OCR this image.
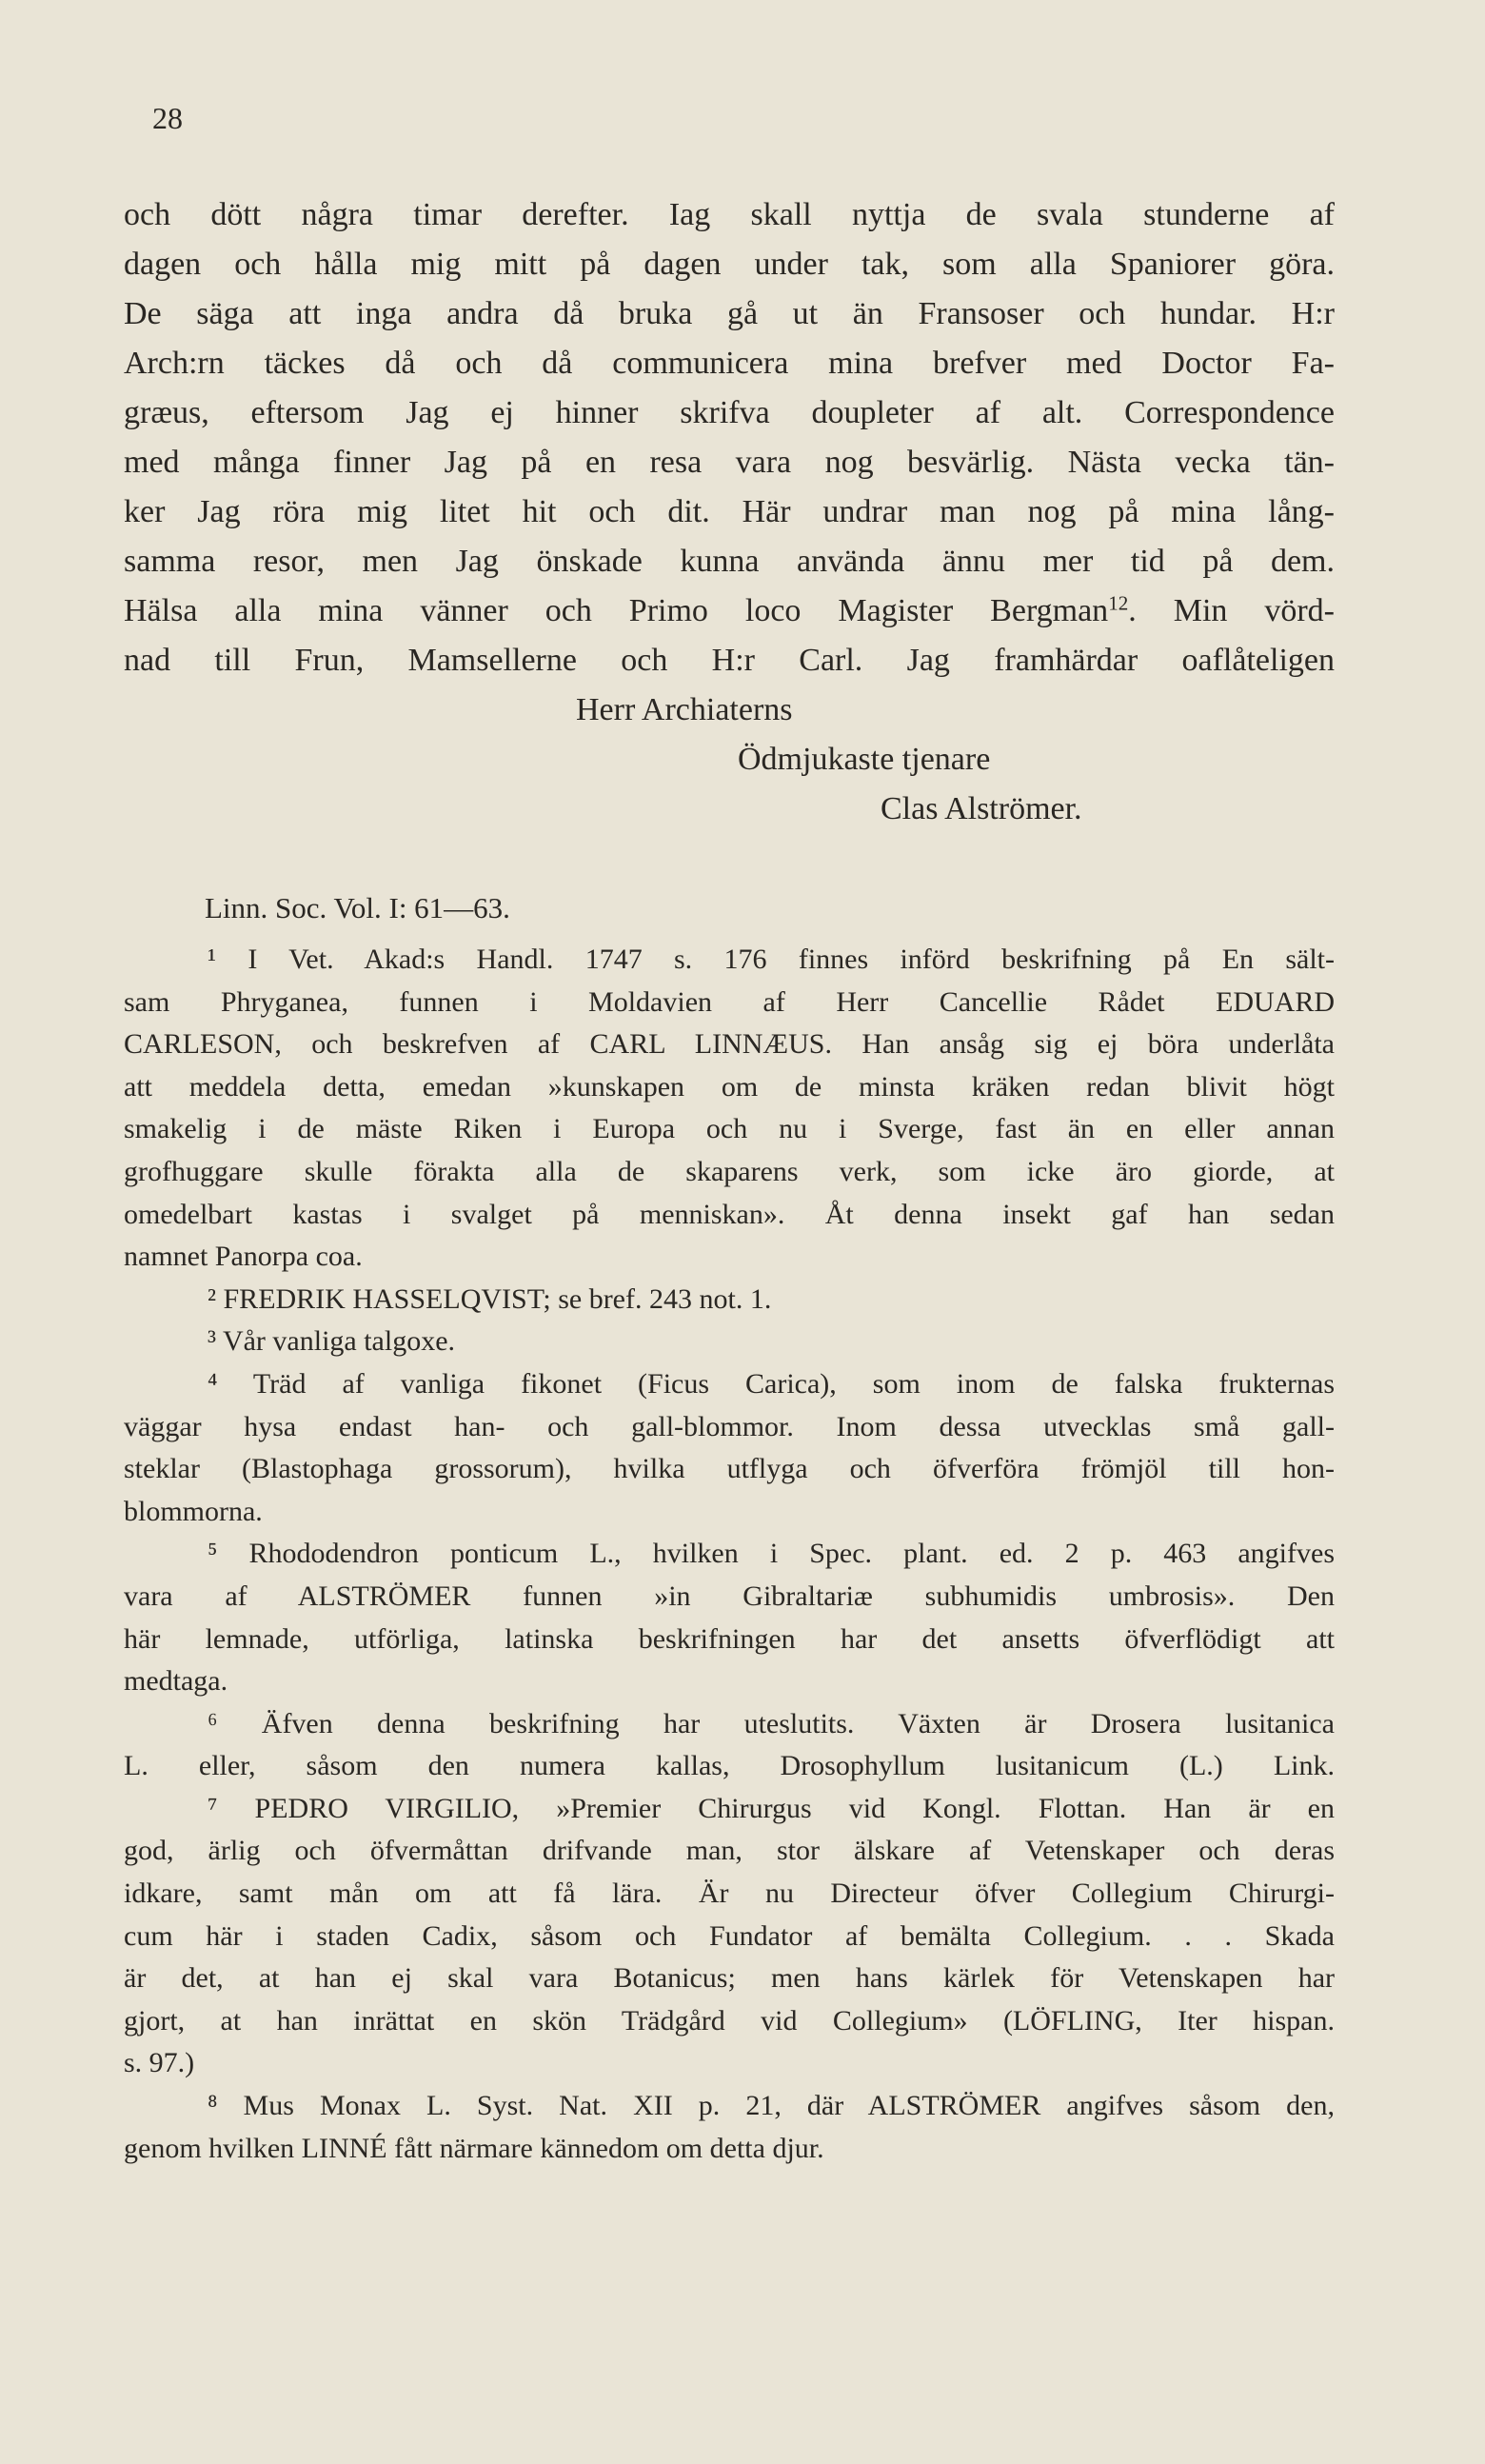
28
och dött några timar derefter. Iag skall nyttja de svala stunderne af
dagen och hålla mig mitt på dagen under tak, som alla Spaniorer göra.
De säga att inga andra då bruka gå ut än Fransoser och hundar. H:r
Arch:rn täckes då och då communicera mina brefver med Doctor Fa-
græus, eftersom Jag ej hinner skrifva doupleter af alt. Correspondence
med många finner Jag på en resa vara nog besvärlig. Nästa vecka tän-
ker Jag röra mig litet hit och dit. Här undrar man nog på mina lång-
samma resor, men Jag önskade kunna använda ännu mer tid på dem.
Hälsa alla mina vänner och Primo loco Magister Bergman$^{12}$. Min vörd-
nad till Frun, Mamsellerne och H:r Carl. Jag framhärdar oaflåteligen
Herr Archiaterns
Ödmjukaste tjenare
Clas Alströmer.
Linn. Soc. Vol. I: 61—63.
¹ I Vet. Akad:s Handl. 1747 s. 176 finnes införd beskrifning på En sält-
sam Phryganea, funnen i Moldavien af Herr Cancellie Rådet EDUARD
CARLESON, och beskrefven af CARL LINNÆUS. Han ansåg sig ej böra underlåta
att meddela detta, emedan »kunskapen om de minsta kräken redan blivit högt
smakelig i de mäste Riken i Europa och nu i Sverge, fast än en eller annan
grofhuggare skulle förakta alla de skaparens verk, som icke äro giorde, at
omedelbart kastas i svalget på menniskan». Åt denna insekt gaf han sedan
namnet Panorpa coa.
² FREDRIK HASSELQVIST; se bref. 243 not. 1.
³ Vår vanliga talgoxe.
⁴ Träd af vanliga fikonet (Ficus Carica), som inom de falska frukternas
väggar hysa endast han- och gall-blommor. Inom dessa utvecklas små gall-
steklar (Blastophaga grossorum), hvilka utflyga och öfverföra frömjöl till hon-
blommorna.
⁵ Rhododendron ponticum L., hvilken i Spec. plant. ed. 2 p. 463 angifves
vara af ALSTRÖMER funnen »in Gibraltariæ subhumidis umbrosis». Den
här lemnade, utförliga, latinska beskrifningen har det ansetts öfverflödigt att
medtaga.
⁶ Äfven denna beskrifning har uteslutits. Växten är Drosera lusitanica
L. eller, såsom den numera kallas, Drosophyllum lusitanicum (L.) Link.
⁷ PEDRO VIRGILIO, »Premier Chirurgus vid Kongl. Flottan. Han är en
god, ärlig och öfvermåttan drifvande man, stor älskare af Vetenskaper och deras
idkare, samt mån om att få lära. Är nu Directeur öfver Collegium Chirurgi-
cum här i staden Cadix, såsom och Fundator af bemälta Collegium. . . Skada
är det, at han ej skal vara Botanicus; men hans kärlek för Vetenskapen har
gjort, at han inrättat en skön Trädgård vid Collegium» (LÖFLING, Iter hispan.
s. 97.)
⁸ Mus Monax L. Syst. Nat. XII p. 21, där ALSTRÖMER angifves såsom den,
genom hvilken LINNÉ fått närmare kännedom om detta djur.
